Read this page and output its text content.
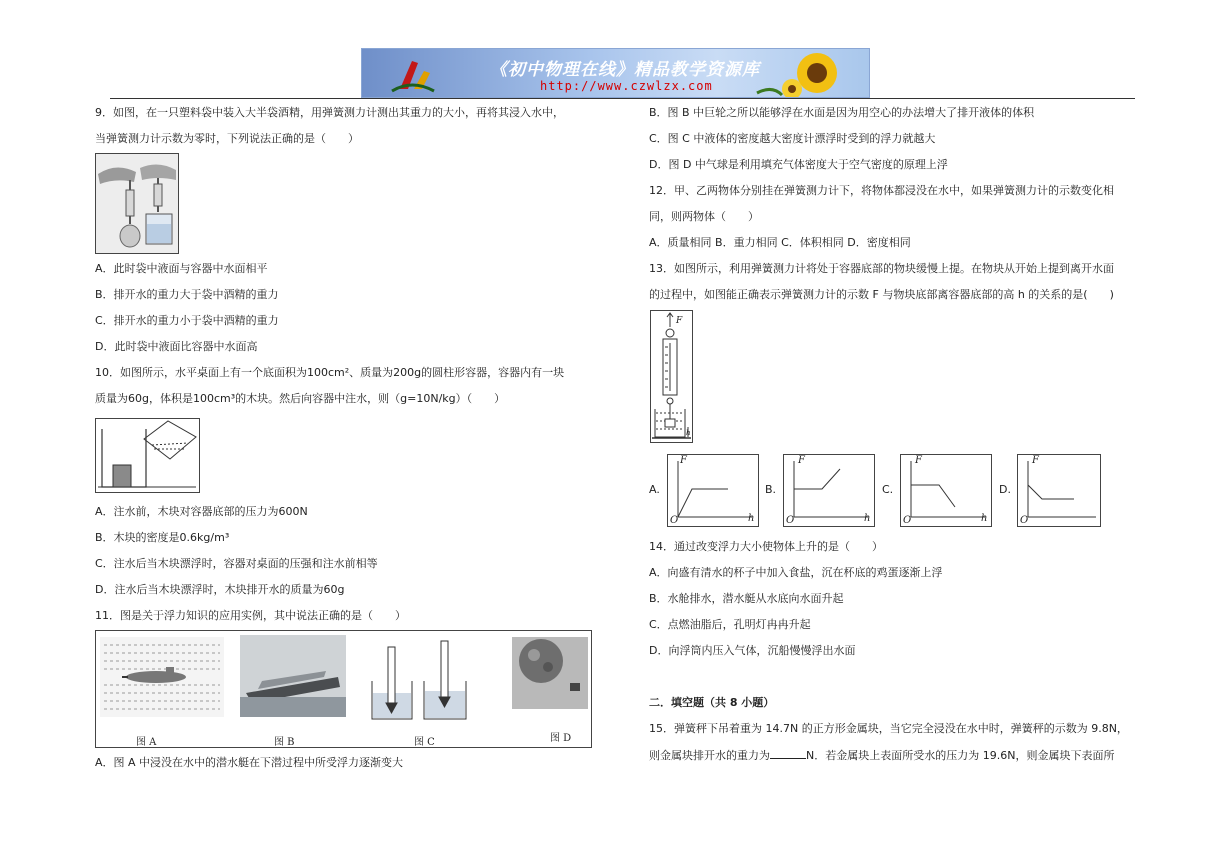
《初中物理在线》精品教学资源库
http://www.czwlzx.com
9．如图，在一只塑料袋中装入大半袋酒精，用弹簧测力计测出其重力的大小，再将其浸入水中，
当弹簧测力计示数为零时，下列说法正确的是（　　）
A．此时袋中液面与容器中水面相平
B．排开水的重力大于袋中酒精的重力
C．排开水的重力小于袋中酒精的重力
D．此时袋中液面比容器中水面高
10．如图所示，水平桌面上有一个底面积为100cm²、质量为200g的圆柱形容器，容器内有一块
质量为60g，体积是100cm³的木块。然后向容器中注水，则（g=10N/kg）（　　）
A．注水前，木块对容器底部的压力为600N
B．木块的密度是0.6kg/m³
C．注水后当木块漂浮时，容器对桌面的压强和注水前相等
D．注水后当木块漂浮时，木块排开水的质量为60g
11．图是关于浮力知识的应用实例，其中说法正确的是（　　）
图 A	图 B	图 C	图 D
A．图 A 中浸没在水中的潜水艇在下潜过程中所受浮力逐渐变大
B．图 B 中巨轮之所以能够浮在水面是因为用空心的办法增大了排开液体的体积
C．图 C 中液体的密度越大密度计漂浮时受到的浮力就越大
D．图 D 中气球是利用填充气体密度大于空气密度的原理上浮
12．甲、乙两物体分别挂在弹簧测力计下，将物体都浸没在水中，如果弹簧测力计的示数变化相
同，则两物体（　　）
A．质量相同 B．重力相同 C．体积相同 D．密度相同
13．如图所示，利用弹簧测力计将处于容器底部的物块缓慢上提。在物块从开始上提到离开水面
的过程中，如图能正确表示弹簧测力计的示数 F 与物块底部离容器底部的高 h 的关系的是(　　)
F
h
A.
F
h
O
B.
F
h
O
C.
F
h
O
D.
F
O
14．通过改变浮力大小使物体上升的是（　　）
A．向盛有清水的杯子中加入食盐，沉在杯底的鸡蛋逐渐上浮
B．水舱排水，潜水艇从水底向水面升起
C．点燃油脂后，孔明灯冉冉升起
D．向浮筒内压入气体，沉船慢慢浮出水面
二．填空题（共 8 小题）
15．弹簧秤下吊着重为 14.7N 的正方形金属块，当它完全浸没在水中时，弹簧秤的示数为 9.8N，
则金属块排开水的重力为	N．若金属块上表面所受水的压力为 19.6N，则金属块下表面所
